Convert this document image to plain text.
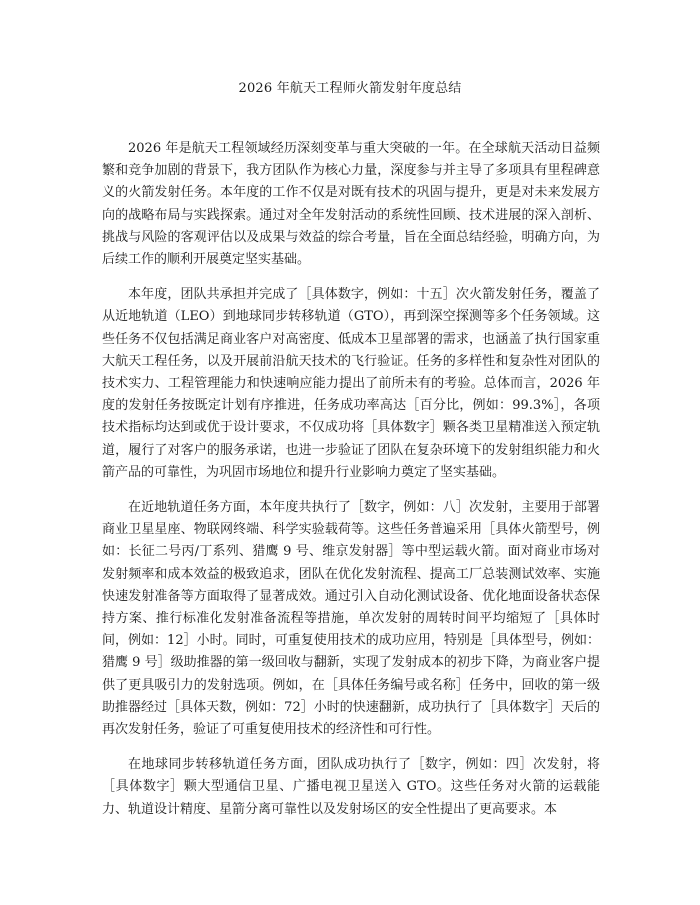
2026 年航天工程师火箭发射年度总结

2026 年是航天工程领域经历深刻变革与重大突破的一年。在全球航天活动日益频繁和竞争加剧的背景下，我方团队作为核心力量，深度参与并主导了多项具有里程碑意义的火箭发射任务。本年度的工作不仅是对既有技术的巩固与提升，更是对未来发展方向的战略布局与实践探索。通过对全年发射活动的系统性回顾、技术进展的深入剖析、挑战与风险的客观评估以及成果与效益的综合考量，旨在全面总结经验，明确方向，为后续工作的顺利开展奠定坚实基础。

本年度，团队共承担并完成了［具体数字，例如：十五］次火箭发射任务，覆盖了从近地轨道（LEO）到地球同步转移轨道（GTO），再到深空探测等多个任务领域。这些任务不仅包括满足商业客户对高密度、低成本卫星部署的需求，也涵盖了执行国家重大航天工程任务，以及开展前沿航天技术的飞行验证。任务的多样性和复杂性对团队的技术实力、工程管理能力和快速响应能力提出了前所未有的考验。总体而言，2026 年度的发射任务按既定计划有序推进，任务成功率高达［百分比，例如：99.3%］，各项技术指标均达到或优于设计要求，不仅成功将［具体数字］颗各类卫星精准送入预定轨道，履行了对客户的服务承诺，也进一步验证了团队在复杂环境下的发射组织能力和火箭产品的可靠性，为巩固市场地位和提升行业影响力奠定了坚实基础。

在近地轨道任务方面，本年度共执行了［数字，例如：八］次发射，主要用于部署商业卫星星座、物联网终端、科学实验载荷等。这些任务普遍采用［具体火箭型号，例如：长征二号丙/丁系列、猎鹰 9 号、维京发射器］等中型运载火箭。面对商业市场对发射频率和成本效益的极致追求，团队在优化发射流程、提高工厂总装测试效率、实施快速发射准备等方面取得了显著成效。通过引入自动化测试设备、优化地面设备状态保持方案、推行标准化发射准备流程等措施，单次发射的周转时间平均缩短了［具体时间，例如：12］小时。同时，可重复使用技术的成功应用，特别是［具体型号，例如：猎鹰 9 号］级助推器的第一级回收与翻新，实现了发射成本的初步下降，为商业客户提供了更具吸引力的发射选项。例如，在［具体任务编号或名称］任务中，回收的第一级助推器经过［具体天数，例如：72］小时的快速翻新，成功执行了［具体数字］天后的再次发射任务，验证了可重复使用技术的经济性和可行性。

在地球同步转移轨道任务方面，团队成功执行了［数字，例如：四］次发射，将［具体数字］颗大型通信卫星、广播电视卫星送入 GTO。这些任务对火箭的运载能力、轨道设计精度、星箭分离可靠性以及发射场区的安全性提出了更高要求。本
